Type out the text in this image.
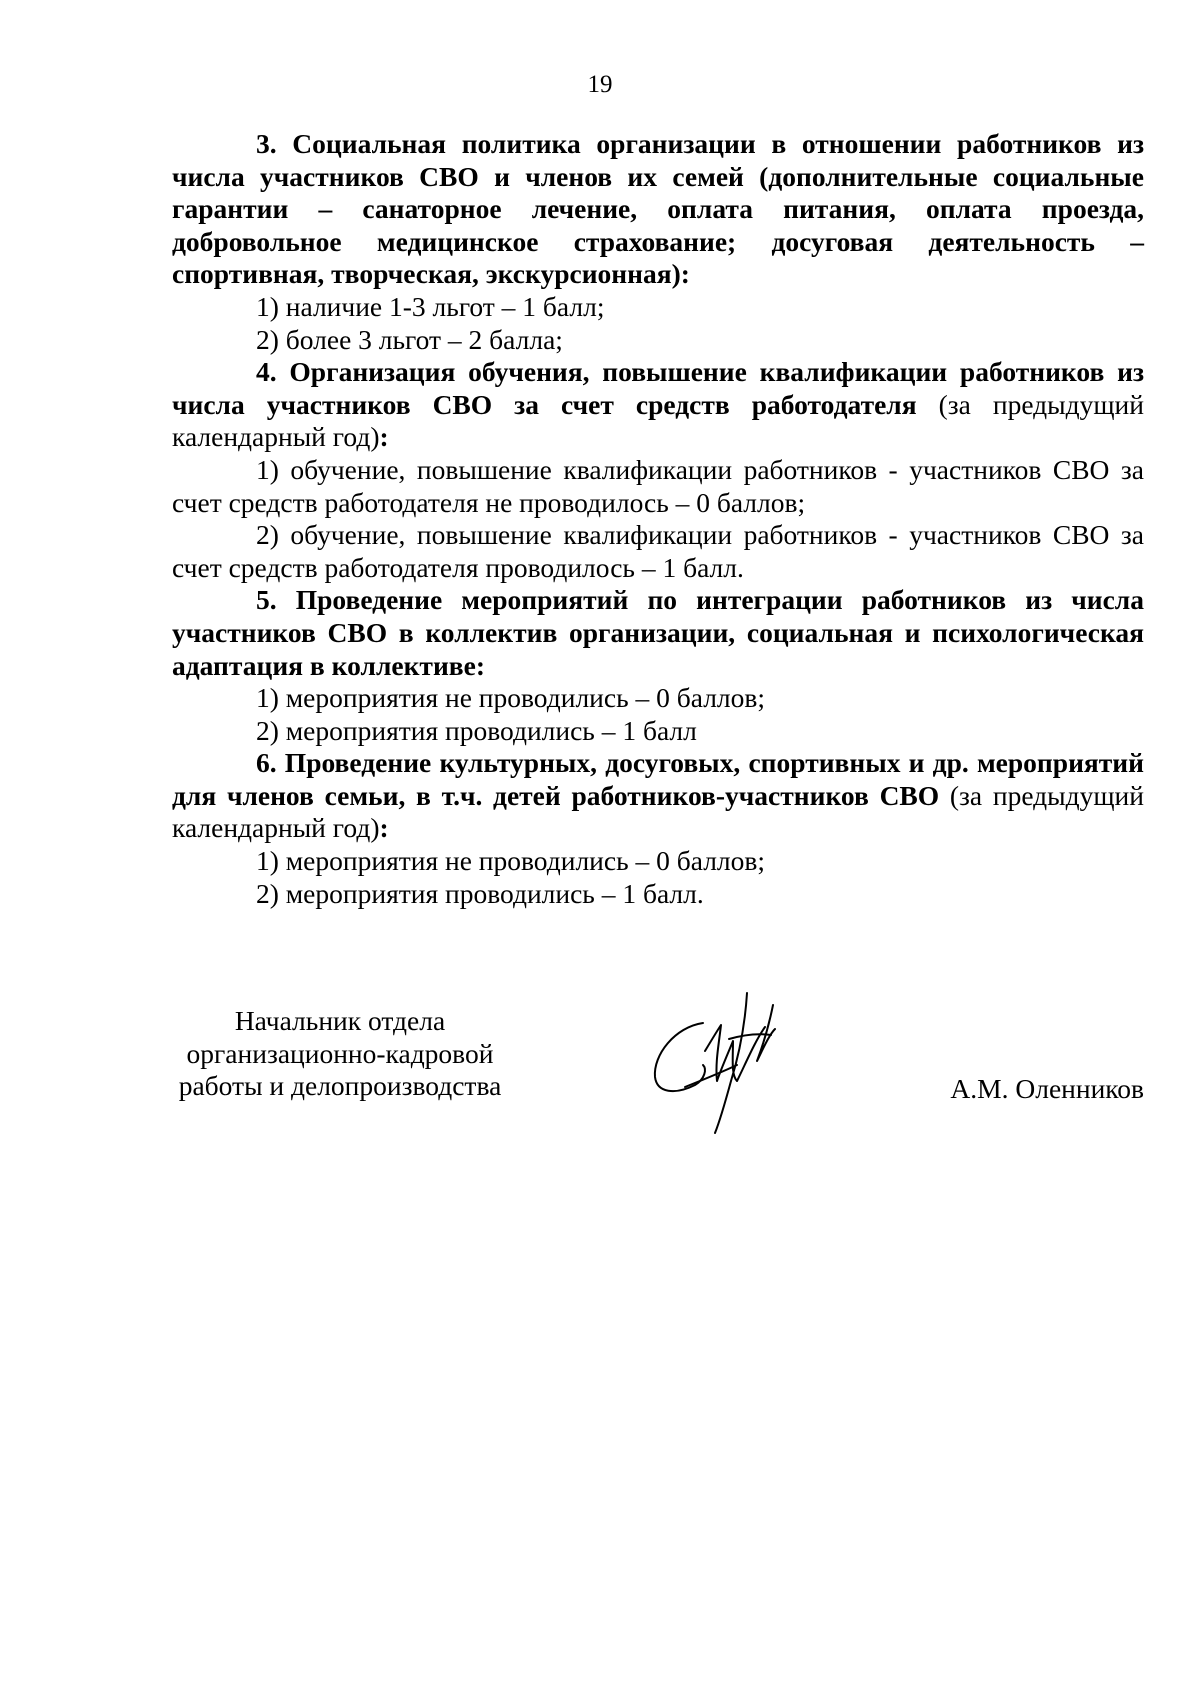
19

3. Социальная политика организации в отношении работников из числа участников СВО и членов их семей (дополнительные социальные гарантии – санаторное лечение, оплата питания, оплата проезда, добровольное медицинское страхование; досуговая деятельность – спортивная, творческая, экскурсионная):

1) наличие 1-3 льгот – 1 балл;

2) более 3 льгот – 2 балла;

4. Организация обучения, повышение квалификации работников из числа участников СВО за счет средств работодателя (за предыдущий календарный год):

1) обучение, повышение квалификации работников - участников СВО за счет средств работодателя не проводилось – 0 баллов;

2) обучение, повышение квалификации работников - участников СВО за счет средств работодателя проводилось – 1 балл.

5. Проведение мероприятий по интеграции работников из числа участников СВО в коллектив организации, социальная и психологическая адаптация в коллективе:

1) мероприятия не проводились – 0 баллов;

2) мероприятия проводились – 1 балл

6. Проведение культурных, досуговых, спортивных и др. мероприятий для членов семьи, в т.ч. детей работников-участников СВО (за предыдущий календарный год):

1) мероприятия не проводились – 0 баллов;

2) мероприятия проводились – 1 балл.

Начальник отдела
организационно-кадровой
работы и делопроизводства	А.М. Оленников
